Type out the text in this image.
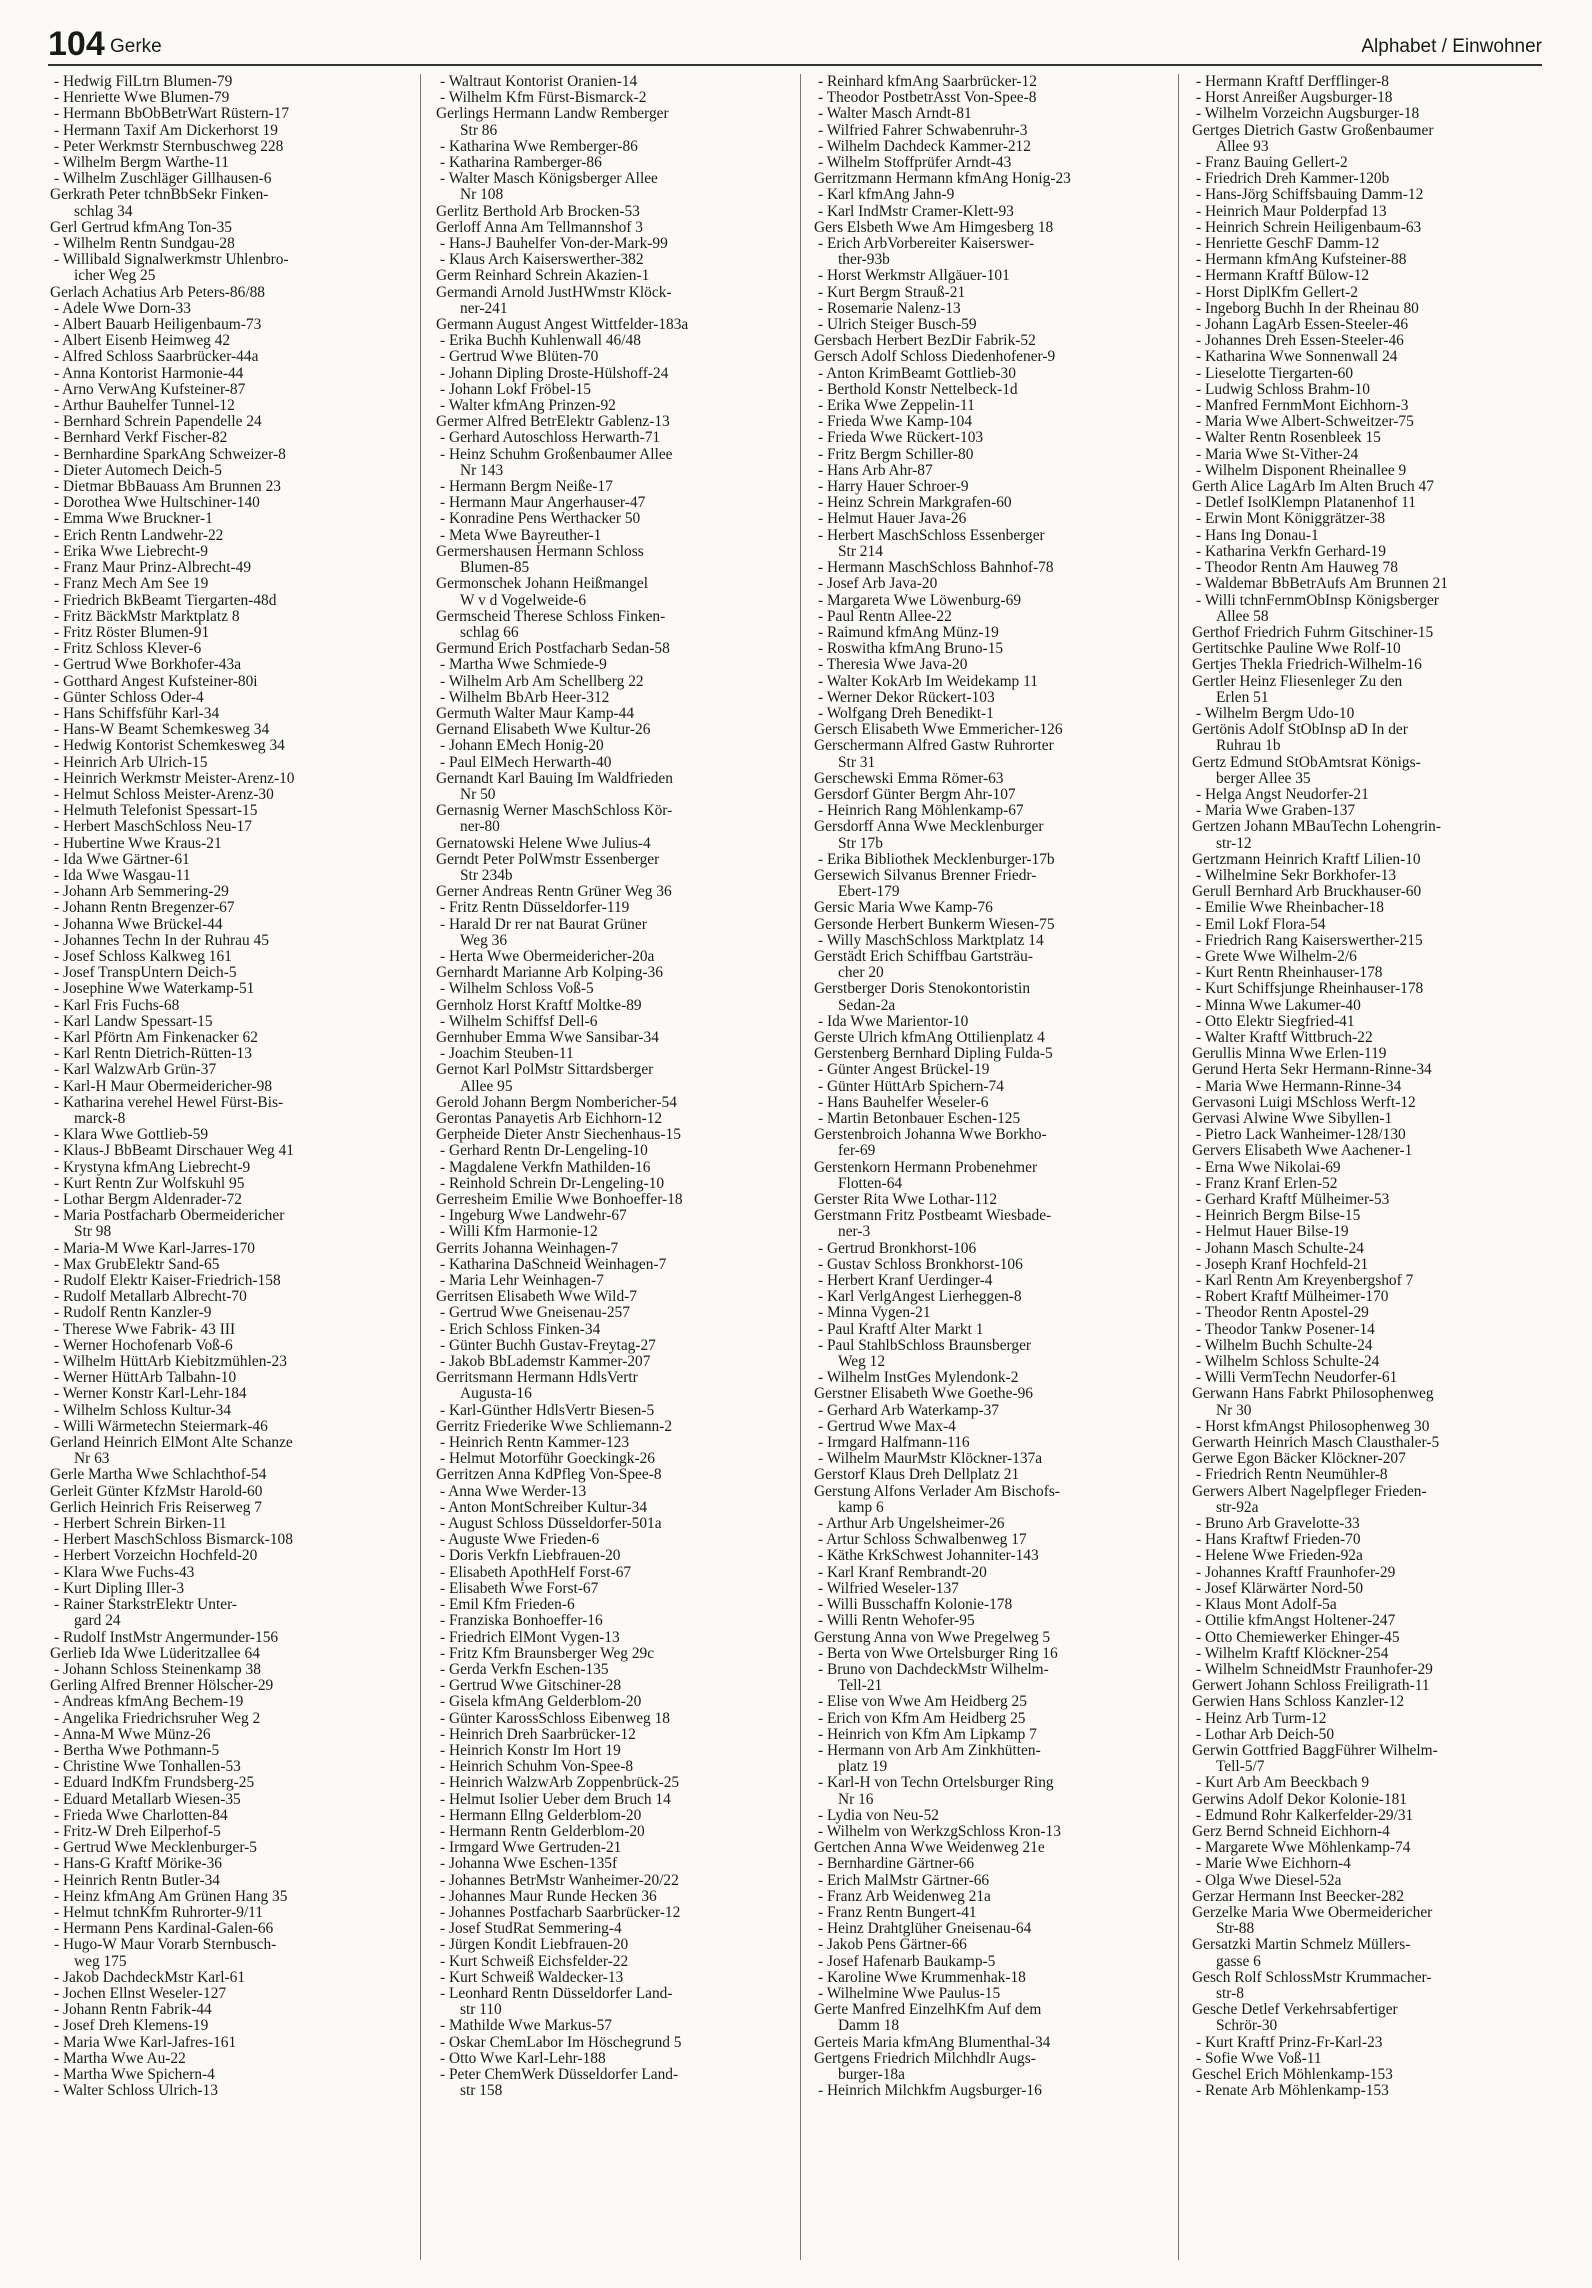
104 Gerke	Alphabet / Einwohner
- Hedwig FilLtrn Blumen-79
- Henriette Wwe Blumen-79
- Hermann BbObBetrWart Rüstern-17
- Hermann Taxif Am Dickerhorst 19
- Peter Werkmstr Sternbuschweg 228
- Wilhelm Bergm Warthe-11
- Wilhelm Zuschläger Gillhausen-6
Gerkrath Peter tchnBbSekr Finken-
schlag 34
Gerl Gertrud kfmAng Ton-35
- Wilhelm Rentn Sundgau-28
- Willibald Signalwerkmstr Uhlenbro-
icher Weg 25
Gerlach Achatius Arb Peters-86/88
- Adele Wwe Dorn-33
- Albert Bauarb Heiligenbaum-73
- Albert Eisenb Heimweg 42
- Alfred Schloss Saarbrücker-44a
- Anna Kontorist Harmonie-44
- Arno VerwAng Kufsteiner-87
- Arthur Bauhelfer Tunnel-12
- Bernhard Schrein Papendelle 24
- Bernhard Verkf Fischer-82
- Bernhardine SparkAng Schweizer-8
- Dieter Automech Deich-5
- Dietmar BbBauass Am Brunnen 23
- Dorothea Wwe Hultschiner-140
- Emma Wwe Bruckner-1
- Erich Rentn Landwehr-22
- Erika Wwe Liebrecht-9
- Franz Maur Prinz-Albrecht-49
- Franz Mech Am See 19
- Friedrich BkBeamt Tiergarten-48d
- Fritz BäckMstr Marktplatz 8
- Fritz Röster Blumen-91
- Fritz Schloss Klever-6
- Gertrud Wwe Borkhofer-43a
- Gotthard Angest Kufsteiner-80i
- Günter Schloss Oder-4
- Hans Schiffsführ Karl-34
- Hans-W Beamt Schemkesweg 34
- Hedwig Kontorist Schemkesweg 34
- Heinrich Arb Ulrich-15
- Heinrich Werkmstr Meister-Arenz-10
- Helmut Schloss Meister-Arenz-30
- Helmuth Telefonist Spessart-15
- Herbert MaschSchloss Neu-17
- Hubertine Wwe Kraus-21
- Ida Wwe Gärtner-61
- Ida Wwe Wasgau-11
- Johann Arb Semmering-29
- Johann Rentn Bregenzer-67
- Johanna Wwe Brückel-44
- Johannes Techn In der Ruhrau 45
- Josef Schloss Kalkweg 161
- Josef TranspUntern Deich-5
- Josephine Wwe Waterkamp-51
- Karl Fris Fuchs-68
- Karl Landw Spessart-15
- Karl Pförtn Am Finkenacker 62
- Karl Rentn Dietrich-Rütten-13
- Karl WalzwArb Grün-37
- Karl-H Maur Obermeidericher-98
- Katharina verehel Hewel Fürst-Bis-
marck-8
- Klara Wwe Gottlieb-59
- Klaus-J BbBeamt Dirschauer Weg 41
- Krystyna kfmAng Liebrecht-9
- Kurt Rentn Zur Wolfskuhl 95
- Lothar Bergm Aldenrader-72
- Maria Postfacharb Obermeidericher
Str 98
- Maria-M Wwe Karl-Jarres-170
- Max GrubElektr Sand-65
- Rudolf Elektr Kaiser-Friedrich-158
- Rudolf Metallarb Albrecht-70
- Rudolf Rentn Kanzler-9
- Therese Wwe Fabrik- 43 III
- Werner Hochofenarb Voß-6
- Wilhelm HüttArb Kiebitzmühlen-23
- Werner HüttArb Talbahn-10
- Werner Konstr Karl-Lehr-184
- Wilhelm Schloss Kultur-34
- Willi Wärmetechn Steiermark-46
Gerland Heinrich ElMont Alte Schanze
Nr 63
Gerle Martha Wwe Schlachthof-54
Gerleit Günter KfzMstr Harold-60
Gerlich Heinrich Fris Reiserweg 7
- Herbert Schrein Birken-11
- Herbert MaschSchloss Bismarck-108
- Herbert Vorzeichn Hochfeld-20
- Klara Wwe Fuchs-43
- Kurt Dipling Iller-3
- Rainer StarkstrElektr Unter-
gard 24
- Rudolf InstMstr Angermunder-156
Gerlieb Ida Wwe Lüderitzallee 64
- Johann Schloss Steinenkamp 38
Gerling Alfred Brenner Hölscher-29
- Andreas kfmAng Bechem-19
- Angelika Friedrichsruher Weg 2
- Anna-M Wwe Münz-26
- Bertha Wwe Pothmann-5
- Christine Wwe Tonhallen-53
- Eduard IndKfm Frundsberg-25
- Eduard Metallarb Wiesen-35
- Frieda Wwe Charlotten-84
- Fritz-W Dreh Eilperhof-5
- Gertrud Wwe Mecklenburger-5
- Hans-G Kraftf Mörike-36
- Heinrich Rentn Butler-34
- Heinz kfmAng Am Grünen Hang 35
- Helmut tchnKfm Ruhrorter-9/11
- Hermann Pens Kardinal-Galen-66
- Hugo-W Maur Vorarb Sternbusch-
weg 175
- Jakob DachdeckMstr Karl-61
- Jochen Ellnst Weseler-127
- Johann Rentn Fabrik-44
- Josef Dreh Klemens-19
- Maria Wwe Karl-Jafres-161
- Martha Wwe Au-22
- Martha Wwe Spichern-4
- Walter Schloss Ulrich-13
- Waltraut Kontorist Oranien-14
- Wilhelm Kfm Fürst-Bismarck-2
Gerlings Hermann Landw Remberger
Str 86
- Katharina Wwe Remberger-86
- Katharina Ramberger-86
- Walter Masch Königsberger Allee
Nr 108
Gerlitz Berthold Arb Brocken-53
Gerloff Anna Am Tellmannshof 3
- Hans-J Bauhelfer Von-der-Mark-99
- Klaus Arch Kaiserswerther-382
Germ Reinhard Schrein Akazien-1
Germandi Arnold JustHWmstr Klöck-
ner-241
Germann August Angest Wittfelder-183a
- Erika Buchh Kuhlenwall 46/48
- Gertrud Wwe Blüten-70
- Johann Dipling Droste-Hülshoff-24
- Johann Lokf Fröbel-15
- Walter kfmAng Prinzen-92
Germer Alfred BetrElektr Gablenz-13
- Gerhard Autoschloss Herwarth-71
- Heinz Schuhm Großenbaumer Allee
Nr 143
- Hermann Bergm Neiße-17
- Hermann Maur Angerhauser-47
- Konradine Pens Werthacker 50
- Meta Wwe Bayreuther-1
Germershausen Hermann Schloss
Blumen-85
Germonschek Johann Heißmangel
W v d Vogelweide-6
Germscheid Therese Schloss Finken-
schlag 66
Germund Erich Postfacharb Sedan-58
- Martha Wwe Schmiede-9
- Wilhelm Arb Am Schellberg 22
- Wilhelm BbArb Heer-312
Germuth Walter Maur Kamp-44
Gernand Elisabeth Wwe Kultur-26
- Johann EMech Honig-20
- Paul ElMech Herwarth-40
Gernandt Karl Bauing Im Waldfrieden
Nr 50
Gernasnig Werner MaschSchloss Kör-
ner-80
Gernatowski Helene Wwe Julius-4
Gerndt Peter PolWmstr Essenberger
Str 234b
Gerner Andreas Rentn Grüner Weg 36
- Fritz Rentn Düsseldorfer-119
- Harald Dr rer nat Baurat Grüner
Weg 36
- Herta Wwe Obermeidericher-20a
Gernhardt Marianne Arb Kolping-36
- Wilhelm Schloss Voß-5
Gernholz Horst Kraftf Moltke-89
- Wilhelm Schiffsf Dell-6
Gernhuber Emma Wwe Sansibar-34
- Joachim Steuben-11
Gernot Karl PolMstr Sittardsberger
Allee 95
Gerold Johann Bergm Nombericher-54
Gerontas Panayetis Arb Eichhorn-12
Gerpheide Dieter Anstr Siechenhaus-15
- Gerhard Rentn Dr-Lengeling-10
- Magdalene Verkfn Mathilden-16
- Reinhold Schrein Dr-Lengeling-10
Gerresheim Emilie Wwe Bonhoeffer-18
- Ingeburg Wwe Landwehr-67
- Willi Kfm Harmonie-12
Gerrits Johanna Weinhagen-7
- Katharina DaSchneid Weinhagen-7
- Maria Lehr Weinhagen-7
Gerritsen Elisabeth Wwe Wild-7
- Gertrud Wwe Gneisenau-257
- Erich Schloss Finken-34
- Günter Buchh Gustav-Freytag-27
- Jakob BbLademstr Kammer-207
Gerritsmann Hermann HdlsVertr
Augusta-16
- Karl-Günther HdlsVertr Biesen-5
Gerritz Friederike Wwe Schliemann-2
- Heinrich Rentn Kammer-123
- Helmut Motorführ Goeckingk-26
Gerritzen Anna KdPfleg Von-Spee-8
- Anna Wwe Werder-13
- Anton MontSchreiber Kultur-34
- August Schloss Düsseldorfer-501a
- Auguste Wwe Frieden-6
- Doris Verkfn Liebfrauen-20
- Elisabeth ApothHelf Forst-67
- Elisabeth Wwe Forst-67
- Emil Kfm Frieden-6
- Franziska Bonhoeffer-16
- Friedrich ElMont Vygen-13
- Fritz Kfm Braunsberger Weg 29c
- Gerda Verkfn Eschen-135
- Gertrud Wwe Gitschiner-28
- Gisela kfmAng Gelderblom-20
- Günter KarossSchloss Eibenweg 18
- Heinrich Dreh Saarbrücker-12
- Heinrich Konstr Im Hort 19
- Heinrich Schuhm Von-Spee-8
- Heinrich WalzwArb Zoppenbrück-25
- Helmut Isolier Ueber dem Bruch 14
- Hermann Ellng Gelderblom-20
- Hermann Rentn Gelderblom-20
- Irmgard Wwe Gertruden-21
- Johanna Wwe Eschen-135f
- Johannes BetrMstr Wanheimer-20/22
- Johannes Maur Runde Hecken 36
- Johannes Postfacharb Saarbrücker-12
- Josef StudRat Semmering-4
- Jürgen Kondit Liebfrauen-20
- Kurt Schweiß Eichsfelder-22
- Kurt Schweiß Waldecker-13
- Leonhard Rentn Düsseldorfer Land-
str 110
- Mathilde Wwe Markus-57
- Oskar ChemLabor Im Höschegrund 5
- Otto Wwe Karl-Lehr-188
- Peter ChemWerk Düsseldorfer Land-
str 158
- Reinhard kfmAng Saarbrücker-12
- Theodor PostbetrAsst Von-Spee-8
- Walter Masch Arndt-81
- Wilfried Fahrer Schwabenruhr-3
- Wilhelm Dachdeck Kammer-212
- Wilhelm Stoffprüfer Arndt-43
Gerritzmann Hermann kfmAng Honig-23
- Karl kfmAng Jahn-9
- Karl IndMstr Cramer-Klett-93
Gers Elsbeth Wwe Am Himgesberg 18
- Erich ArbVorbereiter Kaiserswer-
ther-93b
- Horst Werkmstr Allgäuer-101
- Kurt Bergm Strauß-21
- Rosemarie Nalenz-13
- Ulrich Steiger Busch-59
Gersbach Herbert BezDir Fabrik-52
Gersch Adolf Schloss Diedenhofener-9
- Anton KrimBeamt Gottlieb-30
- Berthold Konstr Nettelbeck-1d
- Erika Wwe Zeppelin-11
- Frieda Wwe Kamp-104
- Frieda Wwe Rückert-103
- Fritz Bergm Schiller-80
- Hans Arb Ahr-87
- Harry Hauer Schroer-9
- Heinz Schrein Markgrafen-60
- Helmut Hauer Java-26
- Herbert MaschSchloss Essenberger
Str 214
- Hermann MaschSchloss Bahnhof-78
- Josef Arb Java-20
- Margareta Wwe Löwenburg-69
- Paul Rentn Allee-22
- Raimund kfmAng Münz-19
- Roswitha kfmAng Bruno-15
- Theresia Wwe Java-20
- Walter KokArb Im Weidekamp 11
- Werner Dekor Rückert-103
- Wolfgang Dreh Benedikt-1
Gersch Elisabeth Wwe Emmericher-126
Gerschermann Alfred Gastw Ruhrorter
Str 31
Gerschewski Emma Römer-63
Gersdorf Günter Bergm Ahr-107
- Heinrich Rang Möhlenkamp-67
Gersdorff Anna Wwe Mecklenburger
Str 17b
- Erika Bibliothek Mecklenburger-17b
Gersewich Silvanus Brenner Friedr-
Ebert-179
Gersic Maria Wwe Kamp-76
Gersonde Herbert Bunkerm Wiesen-75
- Willy MaschSchloss Marktplatz 14
Gerstädt Erich Schiffbau Gartsträu-
cher 20
Gerstberger Doris Stenokontoristin
Sedan-2a
- Ida Wwe Marientor-10
Gerste Ulrich kfmAng Ottilienplatz 4
Gerstenberg Bernhard Dipling Fulda-5
- Günter Angest Brückel-19
- Günter HüttArb Spichern-74
- Hans Bauhelfer Weseler-6
- Martin Betonbauer Eschen-125
Gerstenbroich Johanna Wwe Borkho-
fer-69
Gerstenkorn Hermann Probenehmer
Flotten-64
Gerster Rita Wwe Lothar-112
Gerstmann Fritz Postbeamt Wiesbade-
ner-3
- Gertrud Bronkhorst-106
- Gustav Schloss Bronkhorst-106
- Herbert Kranf Uerdinger-4
- Karl VerlgAngest Lierheggen-8
- Minna Vygen-21
- Paul Kraftf Alter Markt 1
- Paul StahlbSchloss Braunsberger
Weg 12
- Wilhelm InstGes Mylendonk-2
Gerstner Elisabeth Wwe Goethe-96
- Gerhard Arb Waterkamp-37
- Gertrud Wwe Max-4
- Irmgard Halfmann-116
- Wilhelm MaurMstr Klöckner-137a
Gerstorf Klaus Dreh Dellplatz 21
Gerstung Alfons Verlader Am Bischofs-
kamp 6
- Arthur Arb Ungelsheimer-26
- Artur Schloss Schwalbenweg 17
- Käthe KrkSchwest Johanniter-143
- Karl Kranf Rembrandt-20
- Wilfried Weseler-137
- Willi Busschaffn Kolonie-178
- Willi Rentn Wehofer-95
Gerstung Anna von Wwe Pregelweg 5
- Berta von Wwe Ortelsburger Ring 16
- Bruno von DachdeckMstr Wilhelm-
Tell-21
- Elise von Wwe Am Heidberg 25
- Erich von Kfm Am Heidberg 25
- Heinrich von Kfm Am Lipkamp 7
- Hermann von Arb Am Zinkhütten-
platz 19
- Karl-H von Techn Ortelsburger Ring
Nr 16
- Lydia von Neu-52
- Wilhelm von WerkzgSchloss Kron-13
Gertchen Anna Wwe Weidenweg 21e
- Bernhardine Gärtner-66
- Erich MalMstr Gärtner-66
- Franz Arb Weidenweg 21a
- Franz Rentn Bungert-41
- Heinz Drahtglüher Gneisenau-64
- Jakob Pens Gärtner-66
- Josef Hafenarb Baukamp-5
- Karoline Wwe Krummenhak-18
- Wilhelmine Wwe Paulus-15
Gerte Manfred EinzelhKfm Auf dem
Damm 18
Gerteis Maria kfmAng Blumenthal-34
Gertgens Friedrich Milchhdlr Augs-
burger-18a
- Heinrich Milchkfm Augsburger-16
- Hermann Kraftf Derfflinger-8
- Horst Anreißer Augsburger-18
- Wilhelm Vorzeichn Augsburger-18
Gertges Dietrich Gastw Großenbaumer
Allee 93
- Franz Bauing Gellert-2
- Friedrich Dreh Kammer-120b
- Hans-Jörg Schiffsbauing Damm-12
- Heinrich Maur Polderpfad 13
- Heinrich Schrein Heiligenbaum-63
- Henriette GeschF Damm-12
- Hermann kfmAng Kufsteiner-88
- Hermann Kraftf Bülow-12
- Horst DiplKfm Gellert-2
- Ingeborg Buchh In der Rheinau 80
- Johann LagArb Essen-Steeler-46
- Johannes Dreh Essen-Steeler-46
- Katharina Wwe Sonnenwall 24
- Lieselotte Tiergarten-60
- Ludwig Schloss Brahm-10
- Manfred FernmMont Eichhorn-3
- Maria Wwe Albert-Schweitzer-75
- Walter Rentn Rosenbleek 15
- Maria Wwe St-Vither-24
- Wilhelm Disponent Rheinallee 9
Gerth Alice LagArb Im Alten Bruch 47
- Detlef IsolKlempn Platanenhof 11
- Erwin Mont Königgrätzer-38
- Hans Ing Donau-1
- Katharina Verkfn Gerhard-19
- Theodor Rentn Am Hauweg 78
- Waldemar BbBetrAufs Am Brunnen 21
- Willi tchnFernmObInsp Königsberger
Allee 58
Gerthof Friedrich Fuhrm Gitschiner-15
Gertitschke Pauline Wwe Rolf-10
Gertjes Thekla Friedrich-Wilhelm-16
Gertler Heinz Fliesenleger Zu den
Erlen 51
- Wilhelm Bergm Udo-10
Gertönis Adolf StObInsp aD In der
Ruhrau 1b
Gertz Edmund StObAmtsrat Königs-
berger Allee 35
- Helga Angst Neudorfer-21
- Maria Wwe Graben-137
Gertzen Johann MBauTechn Lohengrin-
str-12
Gertzmann Heinrich Kraftf Lilien-10
- Wilhelmine Sekr Borkhofer-13
Gerull Bernhard Arb Bruckhauser-60
- Emilie Wwe Rheinbacher-18
- Emil Lokf Flora-54
- Friedrich Rang Kaiserswerther-215
- Grete Wwe Wilhelm-2/6
- Kurt Rentn Rheinhauser-178
- Kurt Schiffsjunge Rheinhauser-178
- Minna Wwe Lakumer-40
- Otto Elektr Siegfried-41
- Walter Kraftf Wittbruch-22
Gerullis Minna Wwe Erlen-119
Gerund Herta Sekr Hermann-Rinne-34
- Maria Wwe Hermann-Rinne-34
Gervasoni Luigi MSchloss Werft-12
Gervasi Alwine Wwe Sibyllen-1
- Pietro Lack Wanheimer-128/130
Gervers Elisabeth Wwe Aachener-1
- Erna Wwe Nikolai-69
- Franz Kranf Erlen-52
- Gerhard Kraftf Mülheimer-53
- Heinrich Bergm Bilse-15
- Helmut Hauer Bilse-19
- Johann Masch Schulte-24
- Joseph Kranf Hochfeld-21
- Karl Rentn Am Kreyenbergshof 7
- Robert Kraftf Mülheimer-170
- Theodor Rentn Apostel-29
- Theodor Tankw Posener-14
- Wilhelm Buchh Schulte-24
- Wilhelm Schloss Schulte-24
- Willi VermTechn Neudorfer-61
Gerwann Hans Fabrkt Philosophenweg
Nr 30
- Horst kfmAngst Philosophenweg 30
Gerwarth Heinrich Masch Clausthaler-5
Gerwe Egon Bäcker Klöckner-207
- Friedrich Rentn Neumühler-8
Gerwers Albert Nagelpfleger Frieden-
str-92a
- Bruno Arb Gravelotte-33
- Hans Kraftwf Frieden-70
- Helene Wwe Frieden-92a
- Johannes Kraftf Fraunhofer-29
- Josef Klärwärter Nord-50
- Klaus Mont Adolf-5a
- Ottilie kfmAngst Holtener-247
- Otto Chemiewerker Ehinger-45
- Wilhelm Kraftf Klöckner-254
- Wilhelm SchneidMstr Fraunhofer-29
Gerwert Johann Schloss Freiligrath-11
Gerwien Hans Schloss Kanzler-12
- Heinz Arb Turm-12
- Lothar Arb Deich-50
Gerwin Gottfried BaggFührer Wilhelm-
Tell-5/7
- Kurt Arb Am Beeckbach 9
Gerwins Adolf Dekor Kolonie-181
- Edmund Rohr Kalkerfelder-29/31
Gerz Bernd Schneid Eichhorn-4
- Margarete Wwe Möhlenkamp-74
- Marie Wwe Eichhorn-4
- Olga Wwe Diesel-52a
Gerzar Hermann Inst Beecker-282
Gerzelke Maria Wwe Obermeidericher
Str-88
Gersatzki Martin Schmelz Müllers-
gasse 6
Gesch Rolf SchlossMstr Krummacher-
str-8
Gesche Detlef Verkehrsabfertiger
Schrör-30
- Kurt Kraftf Prinz-Fr-Karl-23
- Sofie Wwe Voß-11
Geschel Erich Möhlenkamp-153
- Renate Arb Möhlenkamp-153
